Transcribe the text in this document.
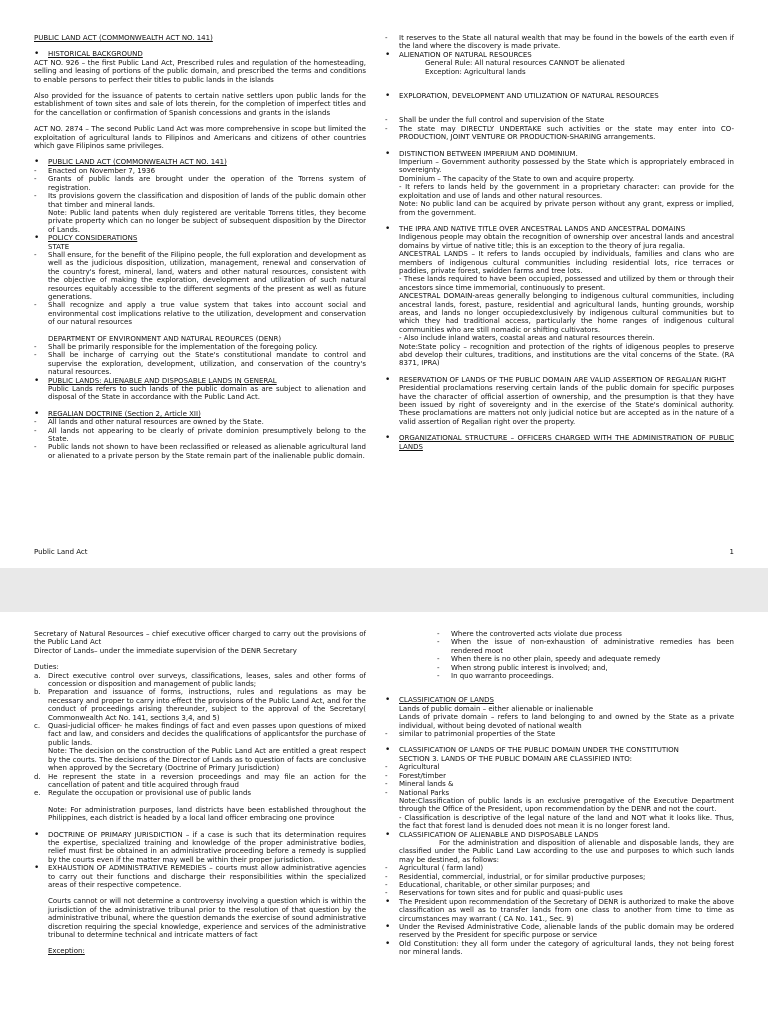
PUBLIC LAND ACT (COMMONWEALTH ACT NO. 141)

•	HISTORICAL BACKGROUND

ACT NO. 926 – the first Public Land Act, Prescribed rules and regulation of the homesteading, selling and leasing of portions of the public domain, and prescribed the terms and conditions to enable persons to perfect their titles to public lands in the islands

Also provided for the issuance of patents to certain native settlers upon public lands for the establishment of town sites and sale of lots therein, for the completion of imperfect titles and for the cancellation or confirmation of Spanish concessions and grants in the islands

ACT NO. 2874 – The second Public Land Act was more comprehensive in scope but limited the exploitation of agricultural lands to Filipinos and Americans and citizens of other countries which gave Filipinos same privileges.

•	PUBLIC LAND ACT (COMMONWEALTH ACT NO. 141)
-	Enacted on November 7, 1936
-	Grants of public lands are brought under the operation of the Torrens system of registration.
-	Its provisions govern the classification and disposition of lands of the public domain other that timber and mineral lands.

Note: Public land patents when duly registered are veritable Torrens titles, they become private property which can no longer be subject of subsequent disposition by the Director of Lands.

•	POLICY CONSIDERATIONS

STATE

-	Shall ensure, for the benefit of the Filipino people, the full exploration and development as well as the judicious disposition, utilization, management, renewal and conservation of the country's forest, mineral, land, waters and other natural resources, consistent with the objective of making the exploration, development and utilization of such natural resources equitably accessible to the different segments of the present as well as future generations.
-	Shall recognize and apply a true value system that takes into account social and environmental cost implications relative to the utilization, development and conservation of our natural resources

DEPARTMENT OF ENVIRONMENT AND NATURAL REOURCES (DENR)

-	Shall be primarily responsible for the implementation of the foregoing policy.
-	Shall be incharge of carrying out the State's constitutional mandate to control and supervise the exploration, development, utilization, and conservation of the country's natural resources.
•	PUBLIC LANDS: ALIENABLE AND DISPOSABLE LANDS IN GENERAL

Public Lands refers to such lands of the public domain as are subject to alienation and disposal of the State in accordance with the Public Land Act.

•	REGALIAN DOCTRINE (Section 2, Article XII)
-	All lands and other natural resources are owned by the State.
-	All lands not appearing to be clearly of private dominion presumptively belong to the State.
-	Public lands not shown to have been reclassified or released as alienable agricultural land or alienated to a private person by the State remain part of the inalienable public domain.
-	It reserves to the State all natural wealth that may be found in the bowels of the earth even if the land where the discovery is made private.
•	ALIENATION OF NATURAL RESOURCES

General Rule: All natural resources CANNOT be alienated

Exception: Agricultural lands

•	EXPLORATION, DEVELOPMENT AND UTILIZATION OF NATURAL RESOURCES
-	Shall be under the full control and supervision of the State
-	The state may DIRECTLY UNDERTAKE such activities or the state may enter into CO-PRODUCTION, JOINT VENTURE OR PRODUCTION-SHARING arrangements.
•	DISTINCTION BETWEEN IMPERIUM AND DOMINIUM.

Imperium – Government authority possessed by the State which is appropriately embraced in sovereignty.

Dominium – The capacity of the State to own and acquire property.

- It refers to lands held by the government in a proprietary character: can provide for the exploitation and use of lands and other natural resources.

Note: No public land can be acquired by private person without any grant, express or implied, from the government.

•	THE IPRA AND NATIVE TITLE OVER ANCESTRAL LANDS AND ANCESTRAL DOMAINS

Indigenous people may obtain the recognition of ownership over ancestral lands and ancestral domains by virtue of native title; this is an exception to the theory of jura regalia.

ANCESTRAL LANDS – It refers to lands occupied by individuals, families and clans who are members of indigenous cultural communities including residential lots, rice terraces or paddies, private forest, swidden farms and tree lots.

- These lands required to have been occupied, possessed and utilized by them or through their ancestors since time immemorial, continuously to present.

ANCESTRAL DOMAIN-areas generally belonging to indigenous cultural communities, including ancestral lands, forest, pasture, residential and agricultural lands, hunting grounds, worship areas, and lands no longer occupiedexclusively by indigenous cultural communities but to which they had traditional access, particularly the home ranges of indigenous cultural communities who are still nomadic or shifting cultivators.

- Also include inland waters, coastal areas and natural resources therein.

Note:State policy – recognition and protection of the rights of idigenous peoples to preserve abd develop their cultures, traditions, and institutions are the vital concerns of the State. (RA 8371, IPRA)

•	RESERVATION OF LANDS OF THE PUBLIC DOMAIN ARE VALID ASSERTION OF REGALIAN RIGHT

Presidential proclamations reserving certain lands of the public domain for specific purposes have the character of official assertion of ownership, and the presumption is that they have been issued by right of sovereignty and in the exercise of the State's dominical authority. These proclamations are matters not only judicial notice but are accepted as in the nature of a valid assertion of Regalian right over the property.

•	ORGANIZATIONAL STRUCTURE – OFFICERS CHARGED WITH THE ADMINISTRATION OF PUBLIC LANDS
Public Land Act	1

Secretary of Natural Resources – chief executive officer charged to carry out the provisions of the Public Land Act

Director of Lands– under the immediate supervision of the DENR Secretary

Duties:

a.	Direct executive control over surveys, classifications, leases, sales and other forms of concession or disposition and management of public lands;
b.	Preparation and issuance of forms, instructions, rules and regulations as may be necessary and proper to carry into effect the provisions of the Public Land Act, and for the conduct of proceedings arising thereunder, subject to the approval of the Secretary( Commonwealth Act No. 141, sections 3,4, and 5)
c.	Quasi-judicial officer- he makes findings of fact and even passes upon questions of mixed fact and law, and considers and decides the qualifications of applicantsfor the purchase of public lands.

Note: The decision on the construction of the Public Land Act are entitled a great respect by the courts. The decisions of the Director of Lands as to question of facts are conclusive when approved by the Secretary (Doctrine of Primary Jurisdiction)

d.	He represent the state in a reversion proceedings and may file an action for the cancellation of patent and title acquired through fraud
e.	Regulate the occupation or provisional use of public lands

Note: For administration purposes, land districts have been established throughout the Philippines, each district is headed by a local land officer embracing one province

•	DOCTRINE OF PRIMARY JURISDICTION – if a case is such that its determination requires the expertise, specialized training and knowledge of the proper administrative bodies, relief must first be obtained in an administrative proceeding before a remedy is supplied by the courts even if the matter may well be within their proper jurisdiction.
•	EXHAUSTION OF ADMINISTRATIVE REMEDIES – courts must allow administrative agencies to carry out their functions and discharge their responsibilities within the specialized areas of their respective competence.

Courts cannot or will not determine a controversy involving a question which is within the jurisdiction of the administrative tribunal prior to the resolution of that question by the administrative tribunal, where the question demands the exercise of sound administrative discretion requiring the special knowledge, experience and services of the administrative tribunal to determine technical and intricate matters of fact

Exception:

-	Where the controverted acts violate due process
-	When the issue of non-exhaustion of administrative remedies has been rendered moot
-	When there is no other plain, speedy and adequate remedy
-	When strong public interest is involved; and,
-	In quo warranto proceedings.
•	CLASSIFICATION OF LANDS

Lands of public domain – either alienable or inalienable

Lands of private domain – refers to land belonging to and owned by the State as a private individual, without being devoted of national wealth

-	similar to patrimonial properties of the State
•	CLASSIFICATION OF LANDS OF THE PUBLIC DOMAIN UNDER THE CONSTITUTION

SECTION 3. LANDS OF THE PUBLIC DOMAIN ARE CLASSIFIED INTO:

-	Agricultural
-	Forest/timber
-	Mineral lands &
-	National Parks

Note:Classification of public lands is an exclusive prerogative of the Executive Department through the Office of the President, upon recommendation by the DENR and not the court.

- Classification is descriptive of the legal nature of the land and NOT what it looks like. Thus, the fact that forest land is denuded does not mean it is no longer forest land.

•	CLASSIFICATION OF ALIENABLE AND DISPOSABLE LANDS

For the administration and disposition of alienable and disposable lands, they are classified under the Public Land Law according to the use and purposes to which such lands may be destined, as follows:

-	Agricultural ( farm land)
-	Residential, commercial, industrial, or for similar productive purposes;
-	Educational, charitable, or other similar purposes; and
-	Reservations for town sites and for public and quasi-public uses
•	The President upon recommendation of the Secretary of DENR is authorized to make the above classification as well as to transfer lands from one class to another from time to time as circumstances may warrant ( CA No. 141., Sec. 9)
•	Under the Revised Administrative Code, alienable lands of the public domain may be ordered reserved by the President for specific purpose or service
•	Old Constitution: they all form under the category of agricultural lands, they not being forest nor mineral lands.
